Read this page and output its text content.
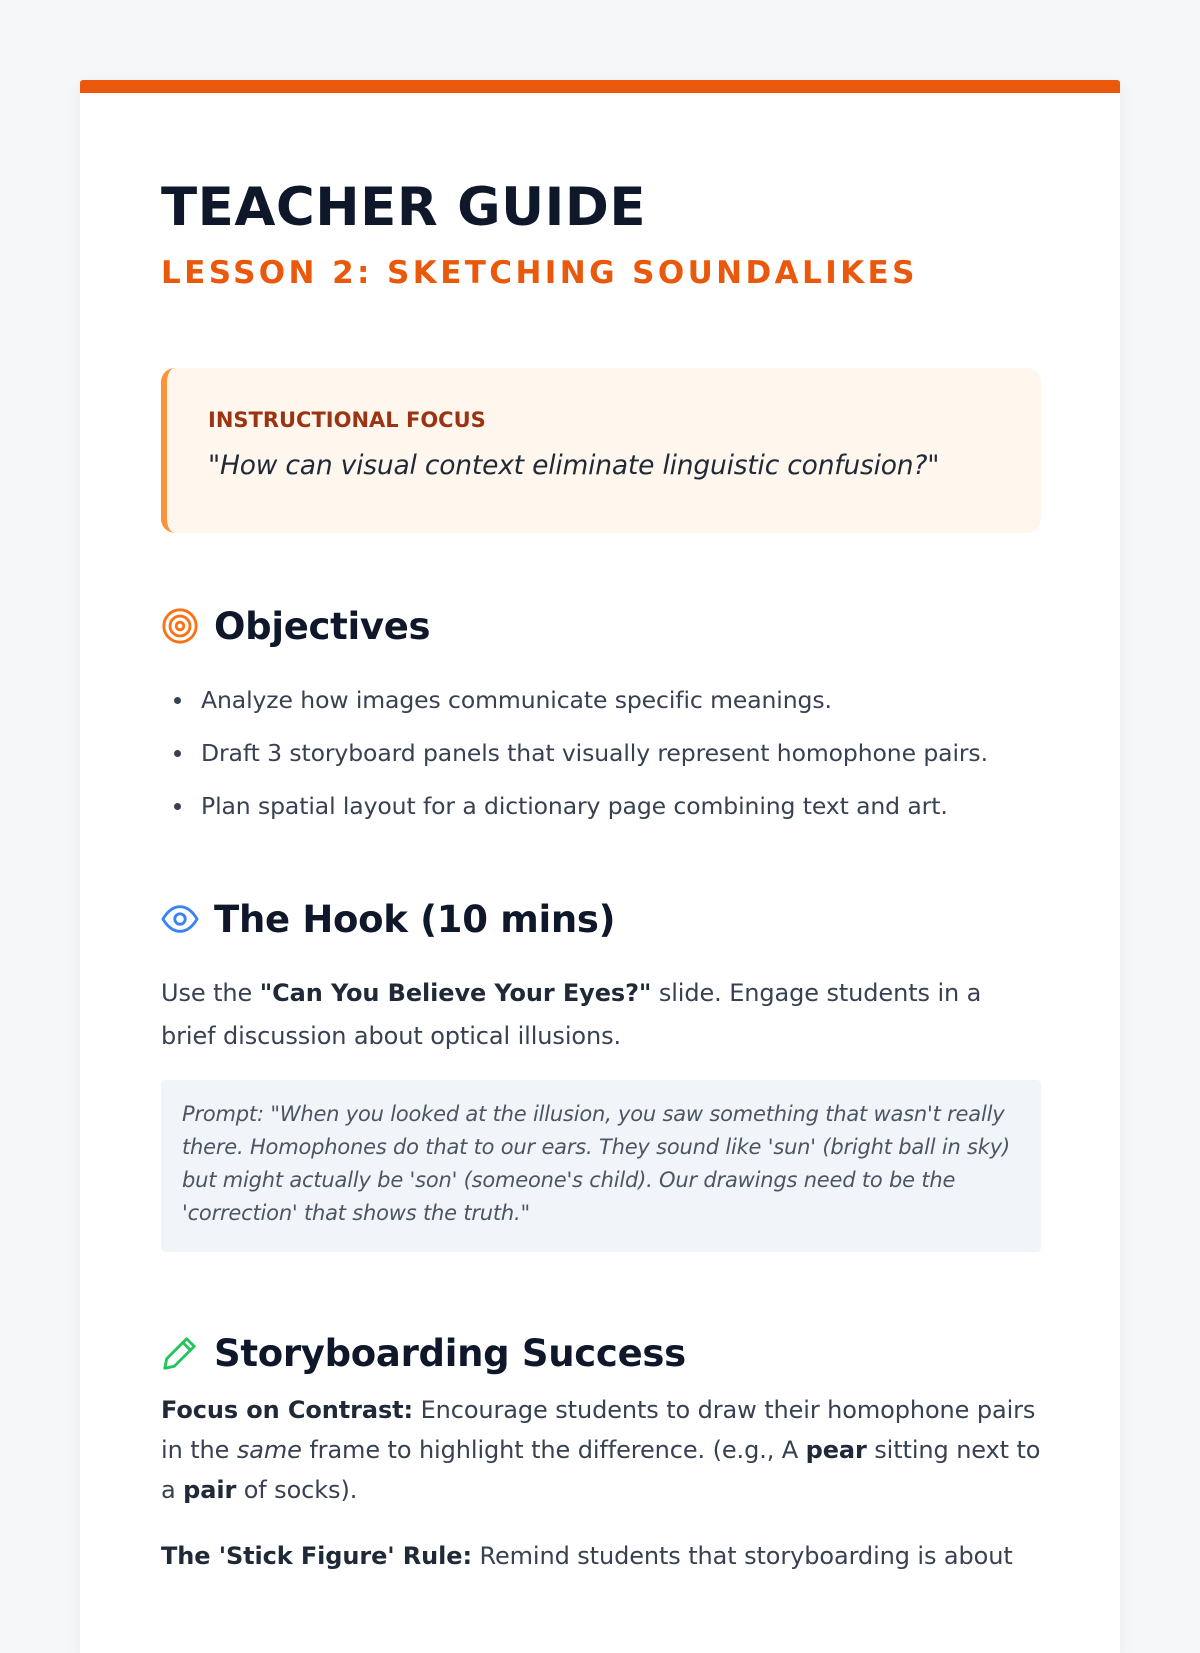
TEACHER GUIDE
LESSON 2: SKETCHING SOUNDALIKES
INSTRUCTIONAL FOCUS
"How can visual context eliminate linguistic confusion?"
Objectives
Analyze how images communicate specific meanings.
Draft 3 storyboard panels that visually represent homophone pairs.
Plan spatial layout for a dictionary page combining text and art.
The Hook (10 mins)

Use the "Can You Believe Your Eyes?" slide. Engage students in a brief discussion about optical illusions.

Prompt: "When you looked at the illusion, you saw something that wasn't really there. Homophones do that to our ears. They sound like 'sun' (bright ball in sky) but might actually be 'son' (someone's child). Our drawings need to be the 'correction' that shows the truth."
Storyboarding Success

Focus on Contrast: Encourage students to draw their homophone pairs in the same frame to highlight the difference. (e.g., A pear sitting next to a pair of socks).

The 'Stick Figure' Rule: Remind students that storyboarding is about
